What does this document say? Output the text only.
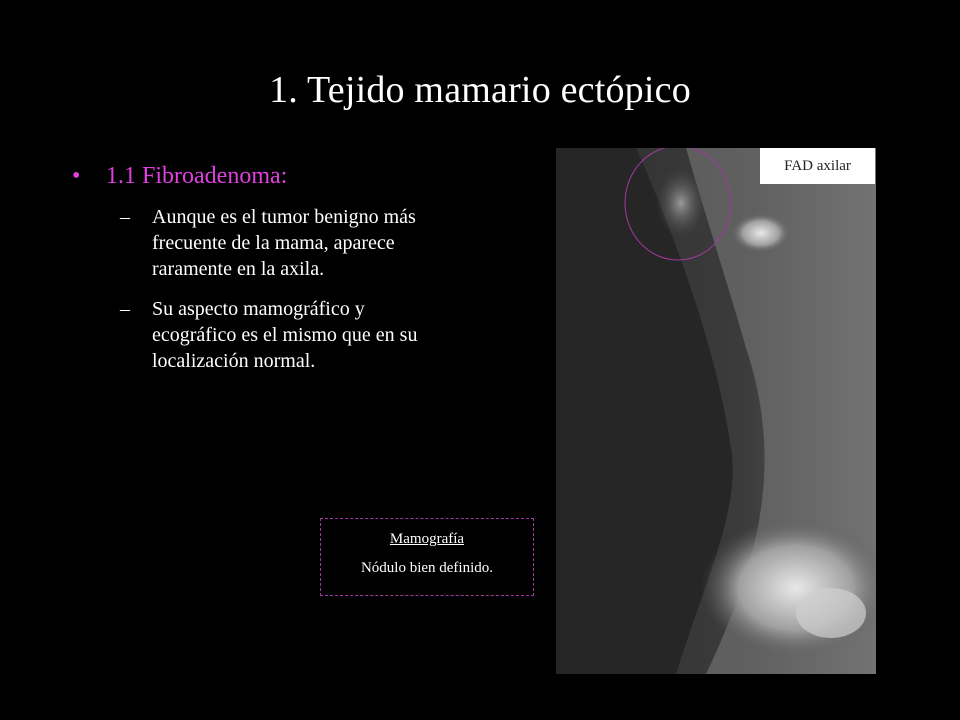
1. Tejido mamario ectópico
•	1.1 Fibroadenoma:
–	Aunque es el tumor benigno más frecuente de la mama, aparece raramente en la axila.
–	Su aspecto mamográfico y ecográfico es el mismo que en su localización normal.
FAD axilar
Mamografía
Nódulo bien definido.
